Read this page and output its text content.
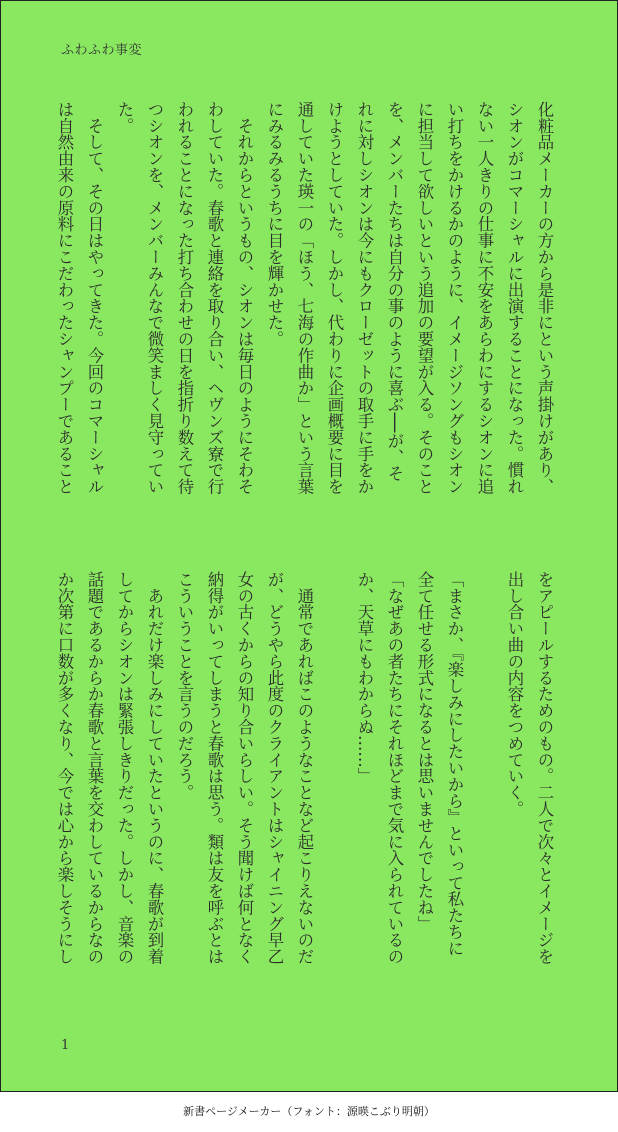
ふわふわ事変
化粧品メーカーの方から是非にという声掛けがあり、
シオンがコマーシャルに出演することになった。慣れ
ない一人きりの仕事に不安をあらわにするシオンに追
い打ちをかけるかのように、イメージソングもシオン
に担当して欲しいという追加の要望が入る。そのこと
を、メンバーたちは自分の事のように喜ぶ──が、そ
れに対しシオンは今にもクローゼットの取手に手をか
けようとしていた。しかし、代わりに企画概要に目を
通していた瑛一の「ほう、七海の作曲か」という言葉
にみるみるうちに目を輝かせた。
　それからというもの、シオンは毎日のようにそわそ
わしていた。春歌と連絡を取り合い、ヘヴンズ寮で行
われることになった打ち合わせの日を指折り数えて待
つシオンを、メンバーみんなで微笑ましく見守ってい
た。
　そして、その日はやってきた。今回のコマーシャル
は自然由来の原料にこだわったシャンプーであること
をアピールするためのもの。二人で次々とイメージを
出し合い曲の内容をつめていく。

「まさか、『楽しみにしたいから』といって私たちに
全て任せる形式になるとは思いませんでしたね」
「なぜあの者たちにそれほどまで気に入られているの
か、天草にもわからぬ……」

　通常であればこのようなことなど起こりえないのだ
が、どうやら此度のクライアントはシャイニング早乙
女の古くからの知り合いらしい。そう聞けば何となく
納得がいってしまうと春歌は思う。類は友を呼ぶとは
こういうことを言うのだろう。
　あれだけ楽しみにしていたというのに、春歌が到着
してからシオンは緊張しきりだった。しかし、音楽の
話題であるからか春歌と言葉を交わしているからなの
か次第に口数が多くなり、今では心から楽しそうにし
1
新書ページメーカー（フォント：源暎こぶり明朝）
